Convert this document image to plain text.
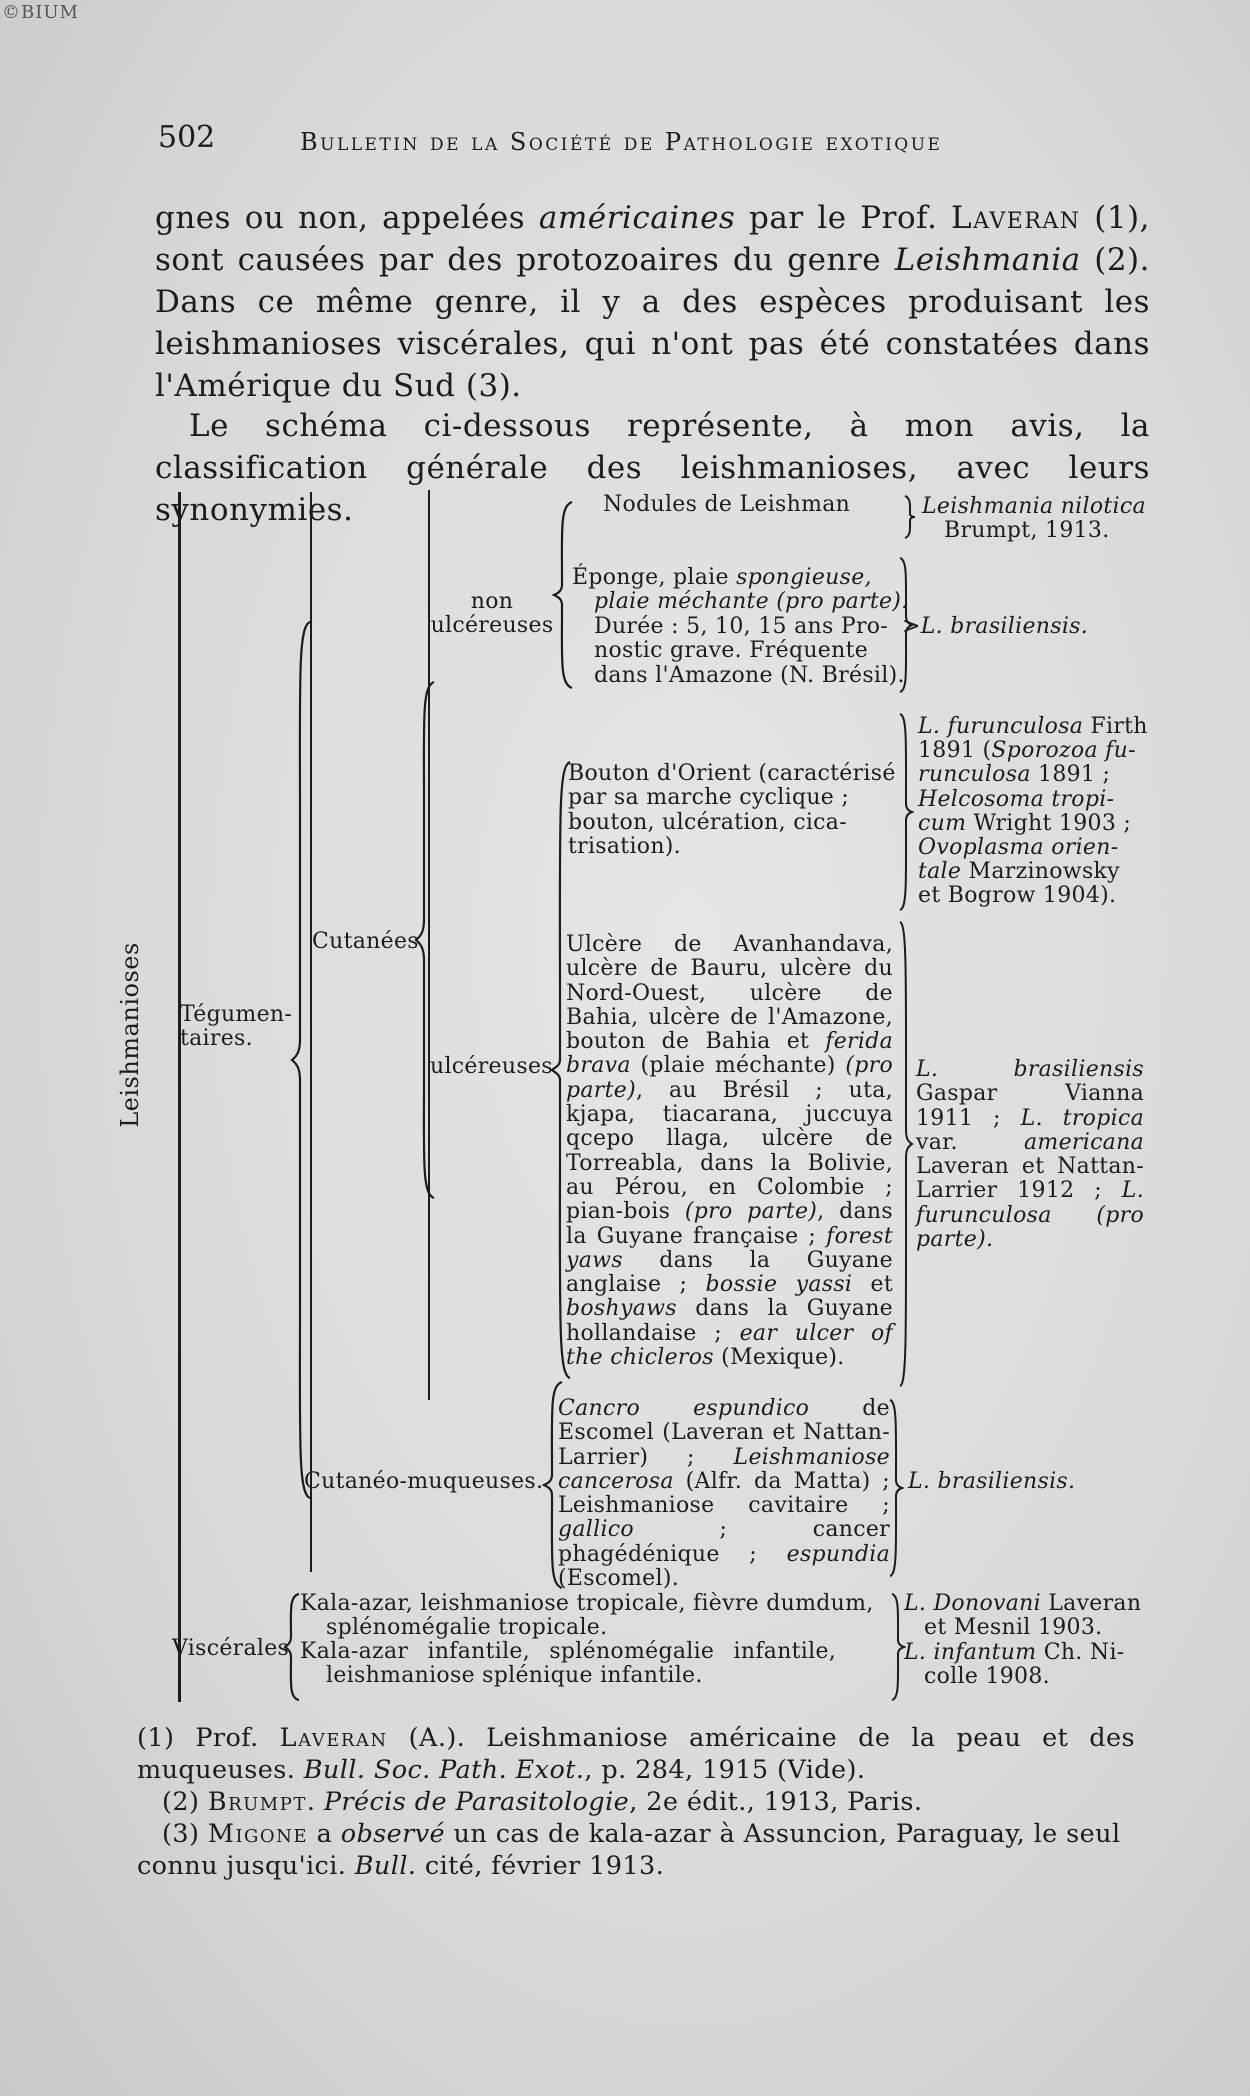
©BIUM
502	Bulletin de la Société de Pathologie exotique
gnes ou non, appelées américaines par le Prof. Laveran (1), sont causées par des protozoaires du genre Leishmania (2). Dans ce même genre, il y a des espèces produisant les leishmanioses viscérales, qui n'ont pas été constatées dans l'Amérique du Sud (3).
Le schéma ci-dessous représente, à mon avis, la classification générale des leishmanioses, avec leurs synonymies.
Leishmanioses Tégumen-
taires.
Viscérales
Cutanées
Cutanéo-muqueuses.
non
ulcéreuses
ulcéreuses
Nodules de Leishman	Leishmania nilotica
Brumpt, 1913.
Éponge, plaie spongieuse,
plaie méchante (pro parte).
Durée : 5, 10, 15 ans Pro-
nostic grave. Fréquente
dans l'Amazone (N. Brésil).
>L. brasiliensis.
Bouton d'Orient (caractérisé
par sa marche cyclique ;
bouton, ulcération, cica-
trisation).
L. furunculosa Firth
1891 (Sporozoa fu-
runculosa 1891 ;
Helcosoma tropi-
cum Wright 1903 ;
Ovoplasma orien-
tale Marzinowsky
et Bogrow 1904).
Ulcère de Avanhandava, ulcère de Bauru, ulcère du Nord-Ouest, ulcère de Bahia, ulcère de l'Amazone, bouton de Bahia et ferida brava (plaie méchante) (pro parte), au Brésil ; uta, kjapa, tiacarana, juccuya qcepo llaga, ulcère de Torreabla, dans la Bolivie, au Pérou, en Colombie ; pian-bois (pro parte), dans la Guyane française ; forest yaws dans la Guyane anglaise ; bossie yassi et boshyaws dans la Guyane hollandaise ; ear ulcer of the chicleros (Mexique).
L. brasiliensis Gaspar Vianna 1911 ; L. tropica var. americana Laveran et Nattan-Larrier 1912 ; L. furunculosa (pro parte).
Cancro espundico de Escomel (Laveran et Nattan-Larrier) ; Leishmaniose cancerosa (Alfr. da Matta) ; Leishmaniose cavitaire ; gallico ; cancer phagédénique ; espundia (Escomel).
L. brasiliensis.
Kala-azar, leishmaniose tropicale, fièvre dumdum,
splénomégalie tropicale.
Kala-azar infantile, splénomégalie infantile,
leishmaniose splénique infantile.
L. Donovani Laveran
et Mesnil 1903.
L. infantum Ch. Ni-
colle 1908.
(1) Prof. Laveran (A.). Leishmaniose américaine de la peau et des muqueuses. Bull. Soc. Path. Exot., p. 284, 1915 (Vide).
(2) Brumpt. Précis de Parasitologie, 2e édit., 1913, Paris.
(3) Migone a observé un cas de kala-azar à Assuncion, Paraguay, le seul
connu jusqu'ici. Bull. cité, février 1913.
